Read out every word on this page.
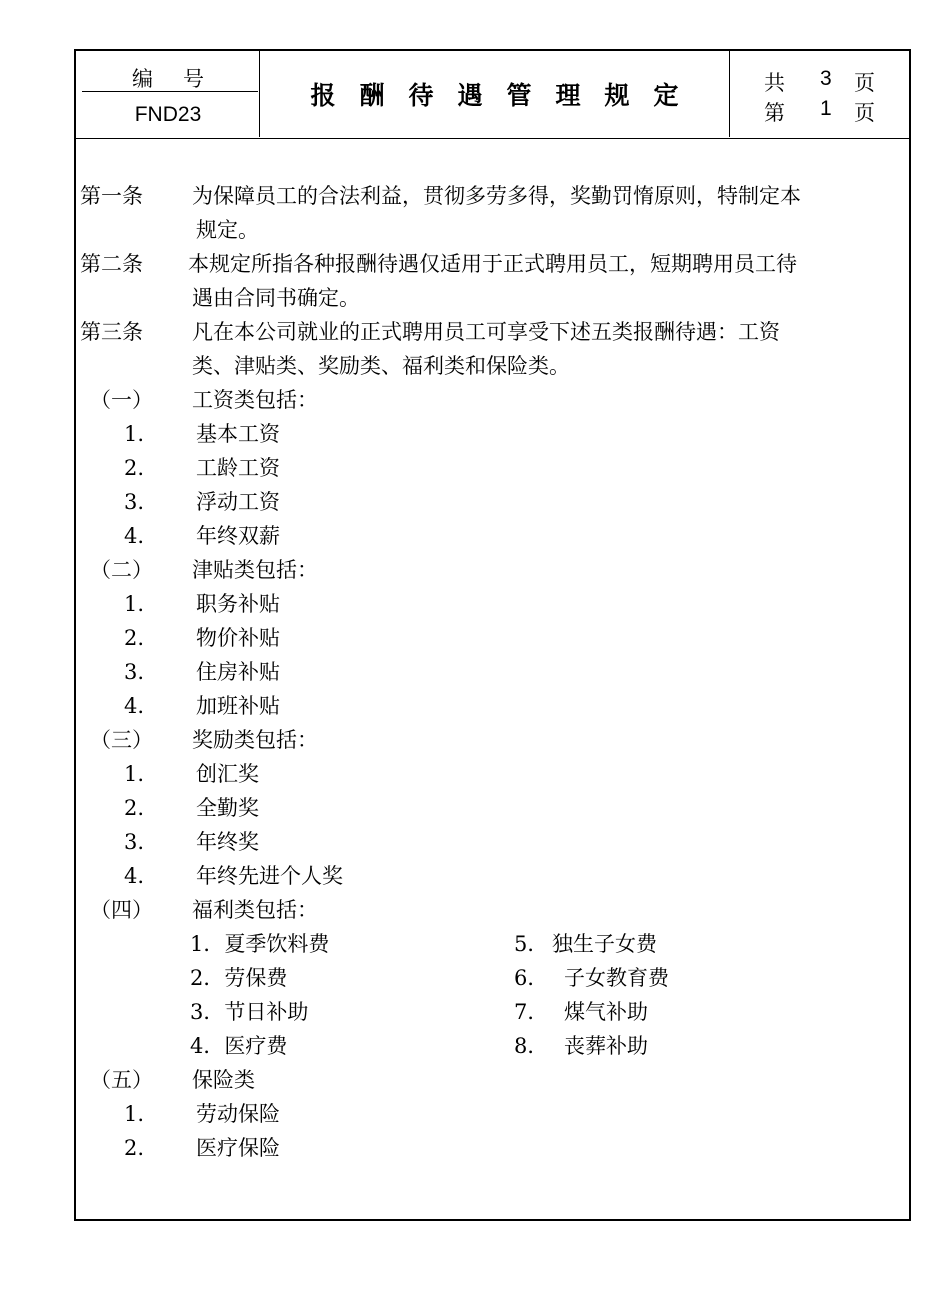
编号
FND23
报酬待遇管理规定	共 3 页
第 1 页
第一条 为保障员工的合法利益，贯彻多劳多得，奖勤罚惰原则，特制定本
规定。
第二条 本规定所指各种报酬待遇仅适用于正式聘用员工，短期聘用员工待
遇由合同书确定。
第三条 凡在本公司就业的正式聘用员工可享受下述五类报酬待遇：工资
类、津贴类、奖励类、福利类和保险类。
（一） 工资类包括：
1. 基本工资
2. 工龄工资
3. 浮动工资
4. 年终双薪
（二） 津贴类包括：
1. 职务补贴
2. 物价补贴
3. 住房补贴
4. 加班补贴
（三） 奖励类包括：
1. 创汇奖
2. 全勤奖
3. 年终奖
4. 年终先进个人奖
（四） 福利类包括：
1．夏季饮料费
2．劳保费
3．节日补助
4．医疗费
5． 独生子女费
6． 子女教育费
7． 煤气补助
8． 丧葬补助
（五） 保险类
1. 劳动保险
2. 医疗保险
